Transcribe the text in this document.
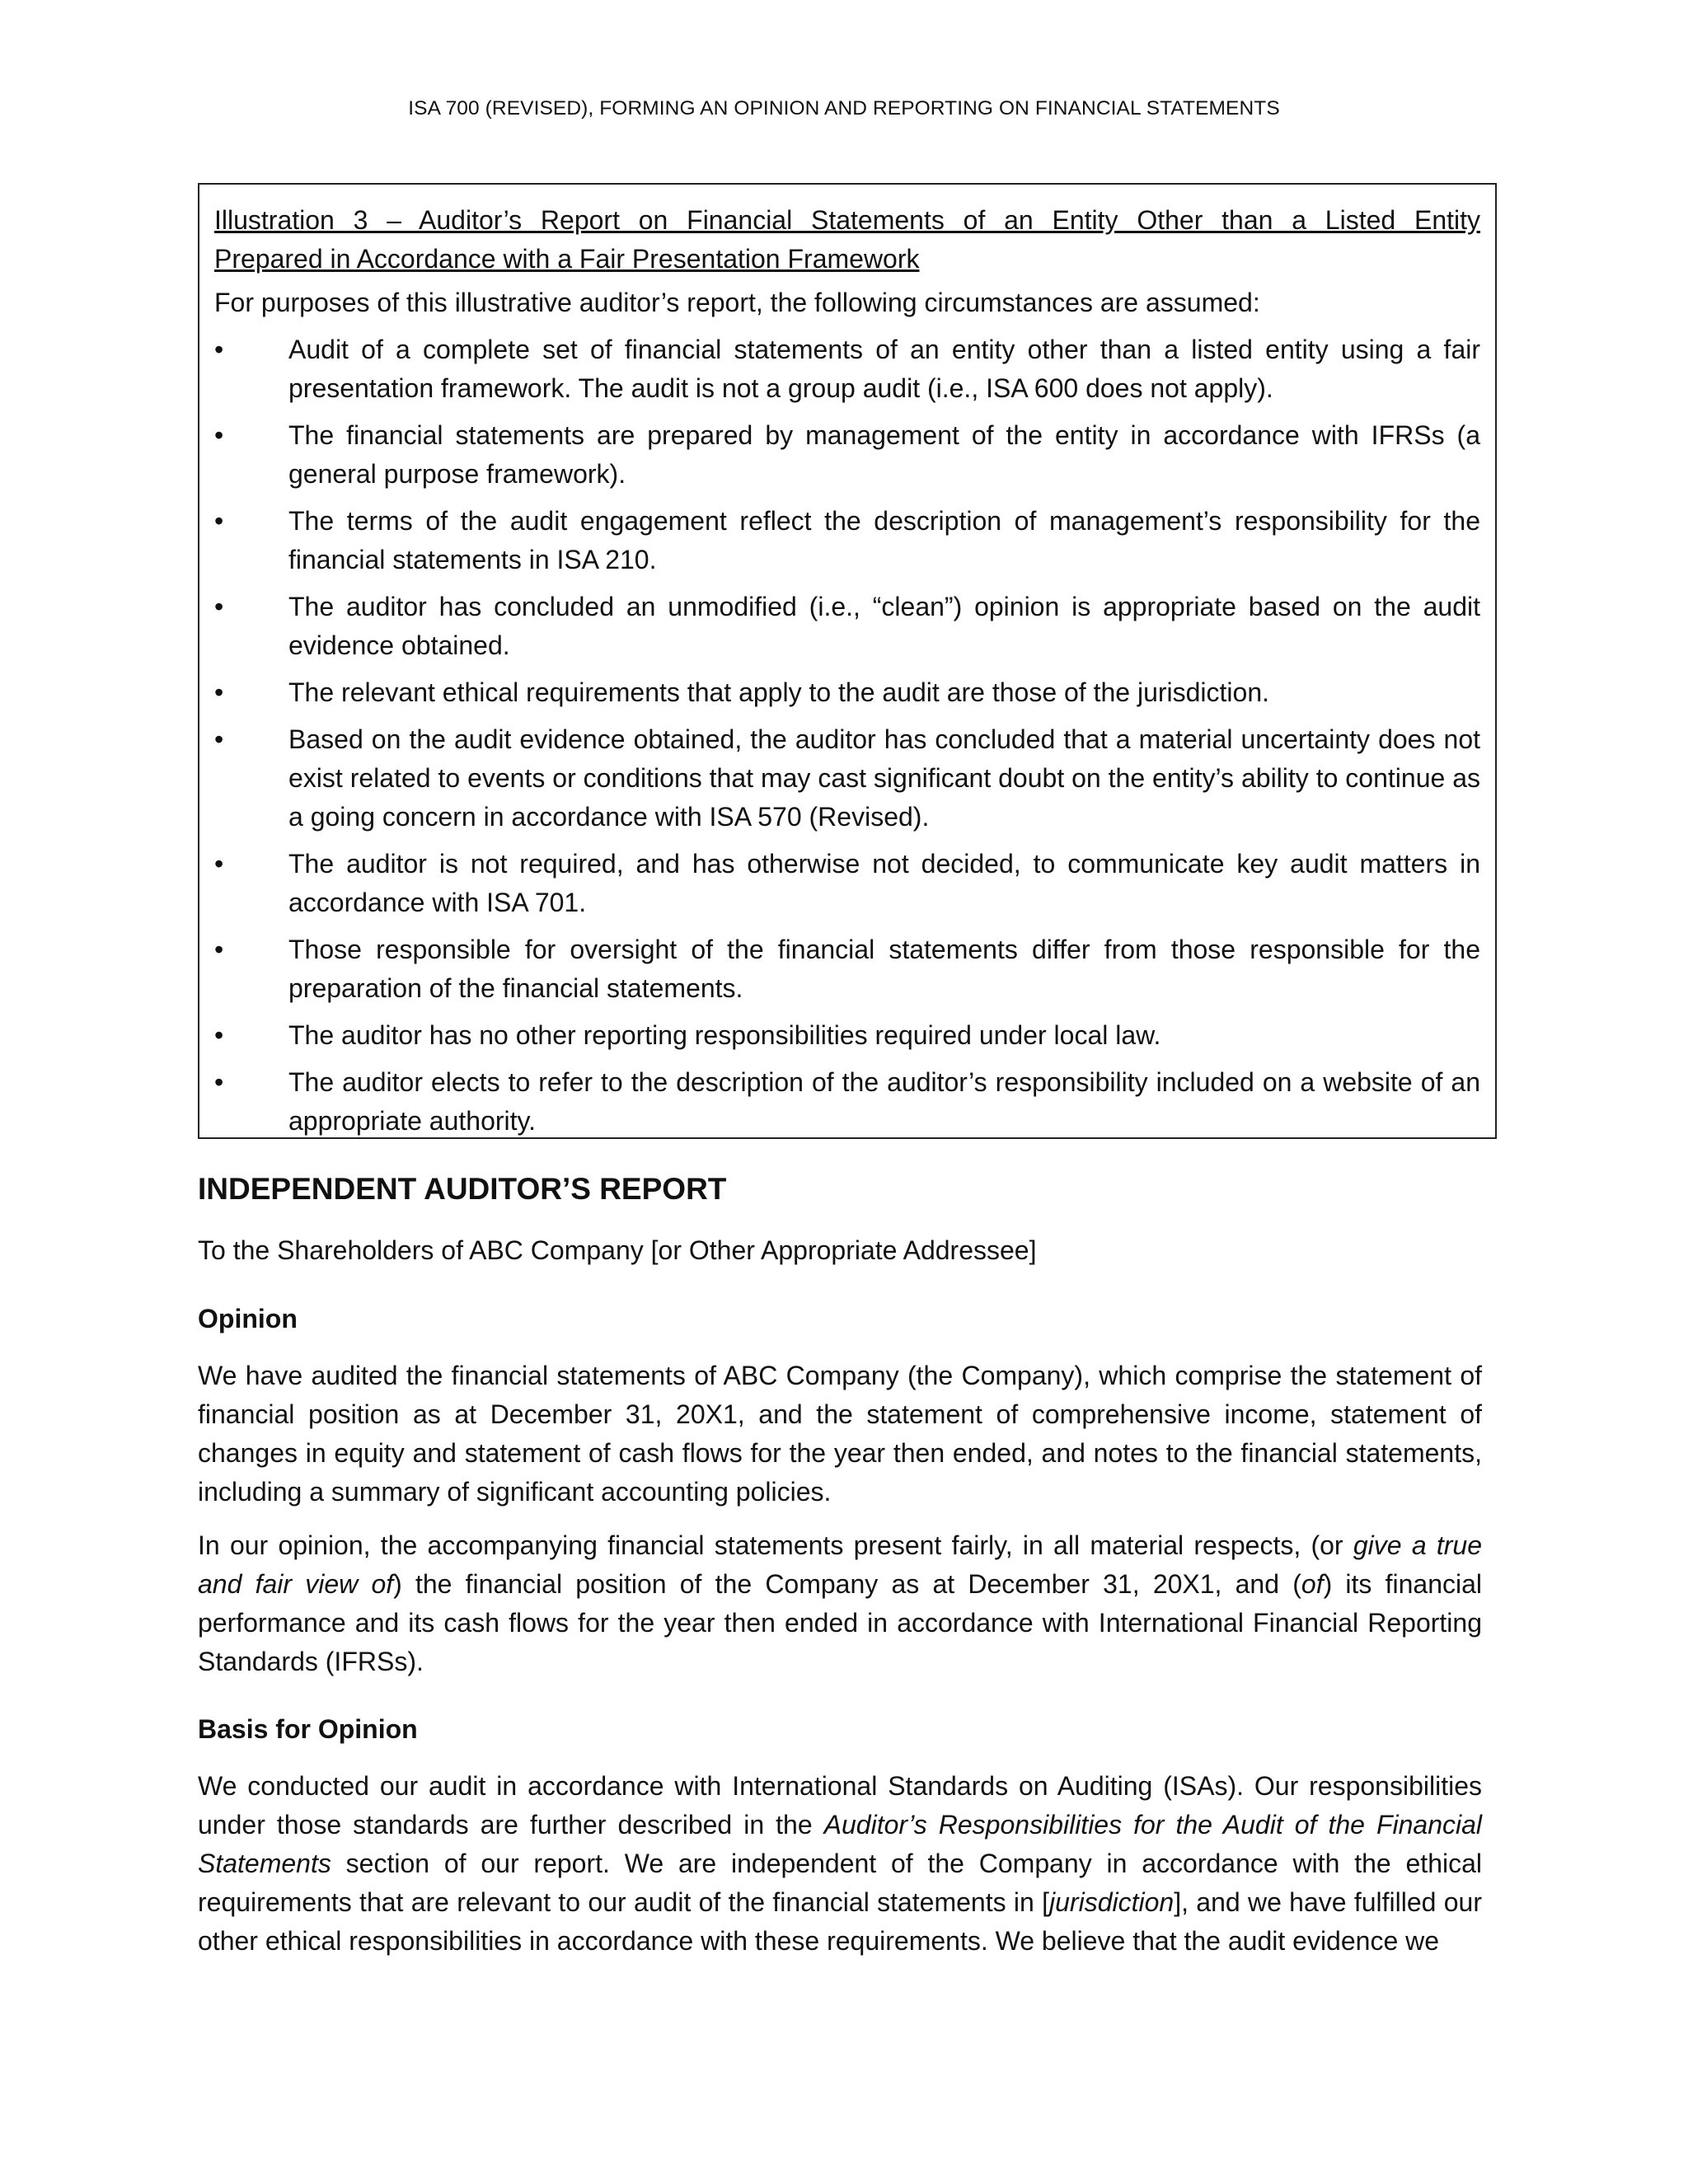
ISA 700 (REVISED), FORMING AN OPINION AND REPORTING ON FINANCIAL STATEMENTS
Illustration 3 – Auditor’s Report on Financial Statements of an Entity Other than a Listed Entity
Prepared in Accordance with a Fair Presentation Framework
For purposes of this illustrative auditor’s report, the following circumstances are assumed:
• Audit of a complete set of financial statements of an entity other than a listed entity using a fair presentation framework. The audit is not a group audit (i.e., ISA 600 does not apply).
• The financial statements are prepared by management of the entity in accordance with IFRSs (a general purpose framework).
• The terms of the audit engagement reflect the description of management’s responsibility for the financial statements in ISA 210.
• The auditor has concluded an unmodified (i.e., “clean”) opinion is appropriate based on the audit evidence obtained.
• The relevant ethical requirements that apply to the audit are those of the jurisdiction.
• Based on the audit evidence obtained, the auditor has concluded that a material uncertainty does not exist related to events or conditions that may cast significant doubt on the entity’s ability to continue as a going concern in accordance with ISA 570 (Revised).
• The auditor is not required, and has otherwise not decided, to communicate key audit matters in accordance with ISA 701.
• Those responsible for oversight of the financial statements differ from those responsible for the preparation of the financial statements.
• The auditor has no other reporting responsibilities required under local law.
• The auditor elects to refer to the description of the auditor’s responsibility included on a website of an appropriate authority.
INDEPENDENT AUDITOR’S REPORT
To the Shareholders of ABC Company [or Other Appropriate Addressee]
Opinion

We have audited the financial statements of ABC Company (the Company), which comprise the statement of financial position as at December 31, 20X1, and the statement of comprehensive income, statement of changes in equity and statement of cash flows for the year then ended, and notes to the financial statements, including a summary of significant accounting policies.

In our opinion, the accompanying financial statements present fairly, in all material respects, (or give a true and fair view of) the financial position of the Company as at December 31, 20X1, and (of) its financial performance and its cash flows for the year then ended in accordance with International Financial Reporting Standards (IFRSs).

Basis for Opinion

We conducted our audit in accordance with International Standards on Auditing (ISAs). Our responsibilities under those standards are further described in the Auditor’s Responsibilities for the Audit of the Financial Statements section of our report. We are independent of the Company in accordance with the ethical requirements that are relevant to our audit of the financial statements in [jurisdiction], and we have fulfilled our other ethical responsibilities in accordance with these requirements. We believe that the audit evidence we
